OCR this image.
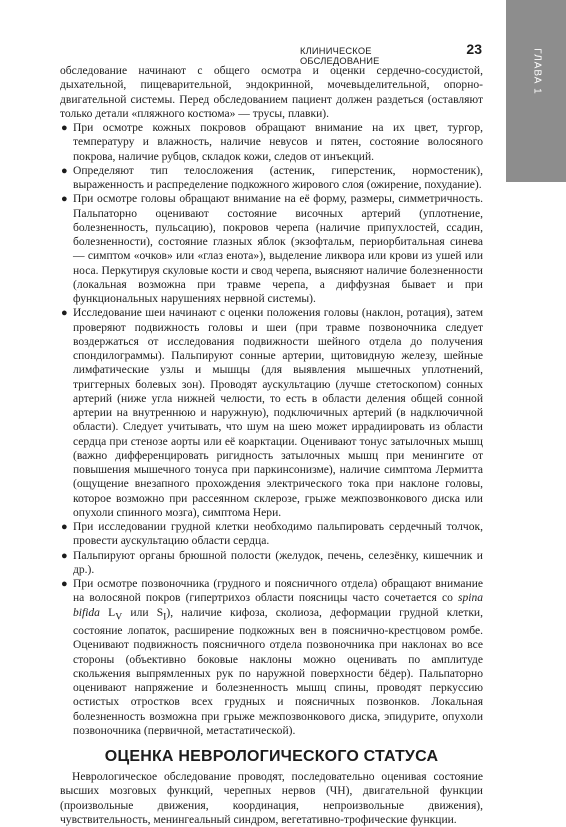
ГЛАВА 1
КЛИНИЧЕСКОЕ ОБСЛЕДОВАНИЕ
23

обследование начинают с общего осмотра и оценки сердечно-сосудистой, дыхательной, пищеварительной, эндокринной, мочевыделительной, опорно-двигательной системы. Перед обследованием пациент должен раздеться (оставляют только детали «пляжного костюма» — трусы, плавки).

● При осмотре кожных покровов обращают внимание на их цвет, тургор, температуру и влажность, наличие невусов и пятен, состояние волосяного покрова, наличие рубцов, складок кожи, следов от инъекций.
● Определяют тип телосложения (астеник, гиперстеник, нормостеник), выраженность и распределение подкожного жирового слоя (ожирение, похудание).
● При осмотре головы обращают внимание на её форму, размеры, симметричность. Пальпаторно оценивают состояние височных артерий (уплотнение, болезненность, пульсацию), покровов черепа (наличие припухлостей, ссадин, болезненности), состояние глазных яблок (экзофтальм, периорбитальная синева — симптом «очков» или «глаз енота»), выделение ликвора или крови из ушей или носа. Перкутируя скуловые кости и свод черепа, выясняют наличие болезненности (локальная возможна при травме черепа, а диффузная бывает и при функциональных нарушениях нервной системы).
● Исследование шеи начинают с оценки положения головы (наклон, ротация), затем проверяют подвижность головы и шеи (при травме позвоночника следует воздержаться от исследования подвижности шейного отдела до получения спондилограммы). Пальпируют сонные артерии, щитовидную железу, шейные лимфатические узлы и мышцы (для выявления мышечных уплотнений, триггерных болевых зон). Проводят аускультацию (лучше стетоскопом) сонных артерий (ниже угла нижней челюсти, то есть в области деления общей сонной артерии на внутреннюю и наружную), подключичных артерий (в надключичной области). Следует учитывать, что шум на шею может иррадиировать из области сердца при стенозе аорты или её коарктации. Оценивают тонус затылочных мышц (важно дифференцировать ригидность затылочных мышц при менингите от повышения мышечного тонуса при паркинсонизме), наличие симптома Лермитта (ощущение внезапного прохождения электрического тока при наклоне головы, которое возможно при рассеянном склерозе, грыже межпозвонкового диска или опухоли спинного мозга), симптома Нери.
● При исследовании грудной клетки необходимо пальпировать сердечный толчок, провести аускультацию области сердца.
● Пальпируют органы брюшной полости (желудок, печень, селезёнку, кишечник и др.).
● При осмотре позвоночника (грудного и поясничного отдела) обращают внимание на волосяной покров (гипертрихоз области поясницы часто сочетается со spina bifida $L_V$ или $S_I$), наличие кифоза, сколиоза, деформации грудной клетки, состояние лопаток, расширение подкожных вен в пояснично-крестцовом ромбе. Оценивают подвижность поясничного отдела позвоночника при наклонах во все стороны (объективно боковые наклоны можно оценивать по амплитуде скольжения выпрямленных рук по наружной поверхности бёдер). Пальпаторно оценивают напряжение и болезненность мышц спины, проводят перкуссию остистых отростков всех грудных и поясничных позвонков. Локальная болезненность возможна при грыже межпозвонкового диска, эпидурите, опухоли позвоночника (первичной, метастатической).
ОЦЕНКА НЕВРОЛОГИЧЕСКОГО СТАТУСА

Неврологическое обследование проводят, последовательно оценивая состояние высших мозговых функций, черепных нервов (ЧН), двигательной функции (произвольные движения, координация, непроизвольные движения), чувствительность, менингеальный синдром, вегетативно-трофические функции.
